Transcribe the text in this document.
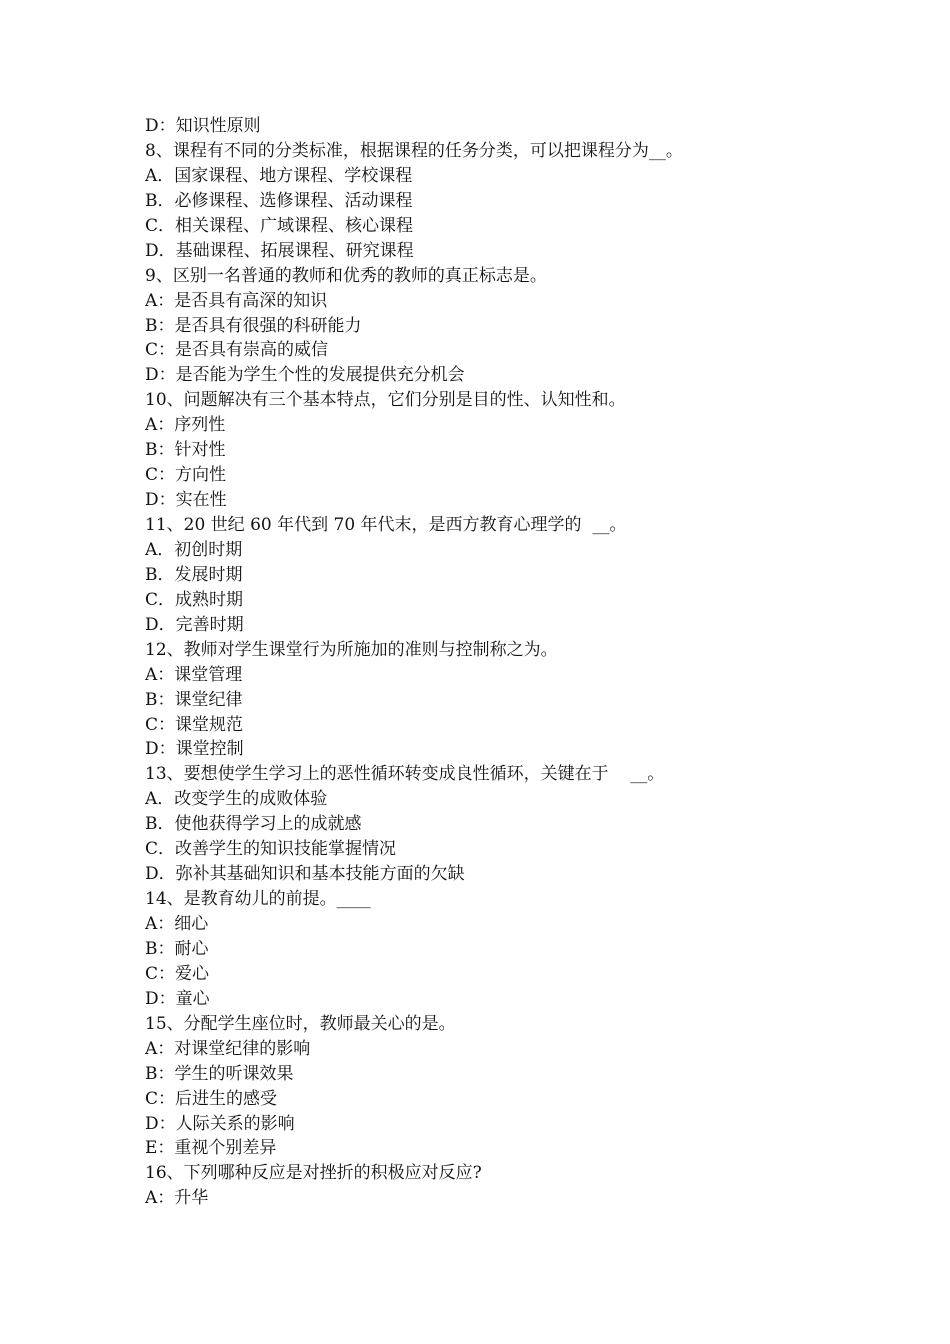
D：知识性原则
8、课程有不同的分类标准，根据课程的任务分类，可以把课程分为__。
A．国家课程、地方课程、学校课程
B．必修课程、选修课程、活动课程
C．相关课程、广域课程、核心课程
D．基础课程、拓展课程、研究课程
9、区别一名普通的教师和优秀的教师的真正标志是。
A：是否具有高深的知识
B：是否具有很强的科研能力
C：是否具有崇高的威信
D：是否能为学生个性的发展提供充分机会
10、问题解决有三个基本特点，它们分别是目的性、认知性和。
A：序列性
B：针对性
C：方向性
D：实在性
11、20 世纪 60 年代到 70 年代末，是西方教育心理学的  __。
A．初创时期
B．发展时期
C．成熟时期
D．完善时期
12、教师对学生课堂行为所施加的准则与控制称之为。
A：课堂管理
B：课堂纪律
C：课堂规范
D：课堂控制
13、要想使学生学习上的恶性循环转变成良性循环，关键在于    __。
A．改变学生的成败体验
B．使他获得学习上的成就感
C．改善学生的知识技能掌握情况
D．弥补其基础知识和基本技能方面的欠缺
14、是教育幼儿的前提。____
A：细心
B：耐心
C：爱心
D：童心
15、分配学生座位时，教师最关心的是。
A：对课堂纪律的影响
B：学生的听课效果
C：后进生的感受
D：人际关系的影响
E：重视个别差异
16、下列哪种反应是对挫折的积极应对反应?
A：升华
